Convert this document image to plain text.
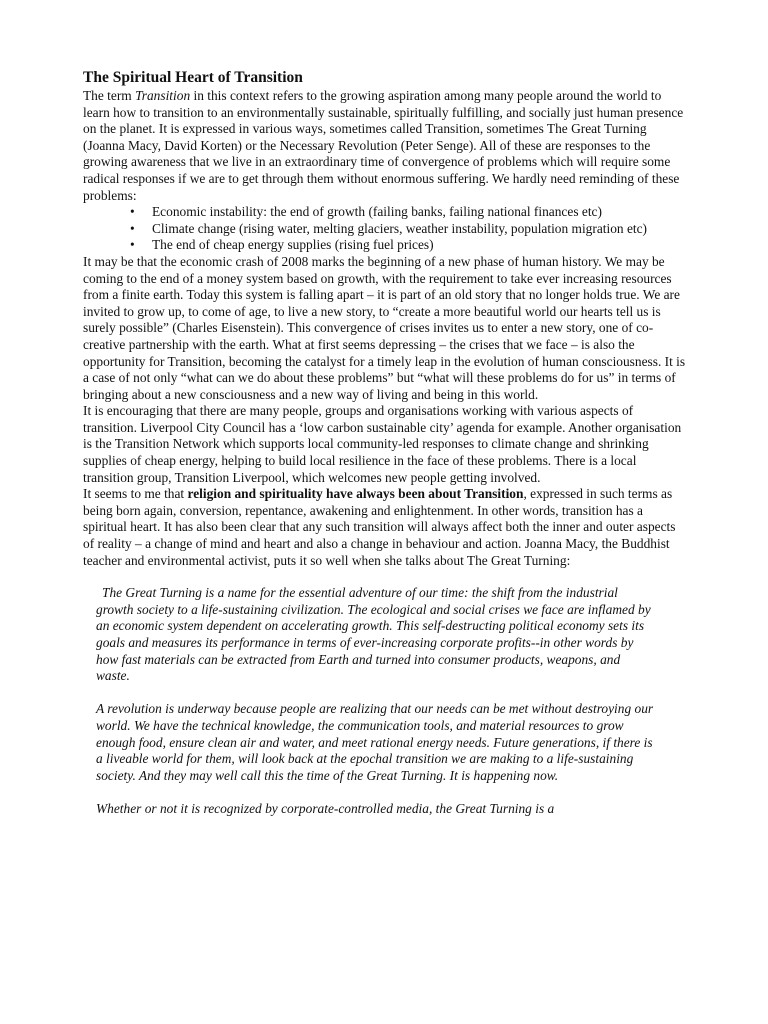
The Spiritual Heart of Transition

The term Transition in this context refers to the growing aspiration among many people around the world to learn how to transition to an environmentally sustainable, spiritually fulfilling, and socially just human presence on the planet. It is expressed in various ways, sometimes called Transition, sometimes The Great Turning (Joanna Macy, David Korten) or the Necessary Revolution (Peter Senge). All of these are responses to the growing awareness that we live in an extraordinary time of convergence of problems which will require some radical responses if we are to get through them without enormous suffering. We hardly need reminding of these problems:

• Economic instability: the end of growth (failing banks, failing national finances etc)
• Climate change (rising water, melting glaciers, weather instability, population migration etc)
• The end of cheap energy supplies (rising fuel prices)

It may be that the economic crash of 2008 marks the beginning of a new phase of human history. We may be coming to the end of a money system based on growth, with the requirement to take ever increasing resources from a finite earth. Today this system is falling apart – it is part of an old story that no longer holds true. We are invited to grow up, to come of age, to live a new story, to “create a more beautiful world our hearts tell us is surely possible” (Charles Eisenstein). This convergence of crises invites us to enter a new story, one of co-creative partnership with the earth. What at first seems depressing – the crises that we face – is also the opportunity for Transition, becoming the catalyst for a timely leap in the evolution of human consciousness. It is a case of not only “what can we do about these problems” but “what will these problems do for us” in terms of bringing about a new consciousness and a new way of living and being in this world.

It is encouraging that there are many people, groups and organisations working with various aspects of transition. Liverpool City Council has a ‘low carbon sustainable city’ agenda for example. Another organisation is the Transition Network which supports local community-led responses to climate change and shrinking supplies of cheap energy, helping to build local resilience in the face of these problems. There is a local transition group, Transition Liverpool, which welcomes new people getting involved.

It seems to me that religion and spirituality have always been about Transition, expressed in such terms as being born again, conversion, repentance, awakening and enlightenment. In other words, transition has a spiritual heart. It has also been clear that any such transition will always affect both the inner and outer aspects of reality – a change of mind and heart and also a change in behaviour and action. Joanna Macy, the Buddhist teacher and environmental activist, puts it so well when she talks about The Great Turning:

The Great Turning is a name for the essential adventure of our time: the shift from the industrial growth society to a life-sustaining civilization. The ecological and social crises we face are inflamed by an economic system dependent on accelerating growth. This self-destructing political economy sets its goals and measures its performance in terms of ever-increasing corporate profits--in other words by how fast materials can be extracted from Earth and turned into consumer products, weapons, and waste.

A revolution is underway because people are realizing that our needs can be met without destroying our world. We have the technical knowledge, the communication tools, and material resources to grow enough food, ensure clean air and water, and meet rational energy needs. Future generations, if there is a liveable world for them, will look back at the epochal transition we are making to a life-sustaining society. And they may well call this the time of the Great Turning. It is happening now.

Whether or not it is recognized by corporate-controlled media, the Great Turning is a
